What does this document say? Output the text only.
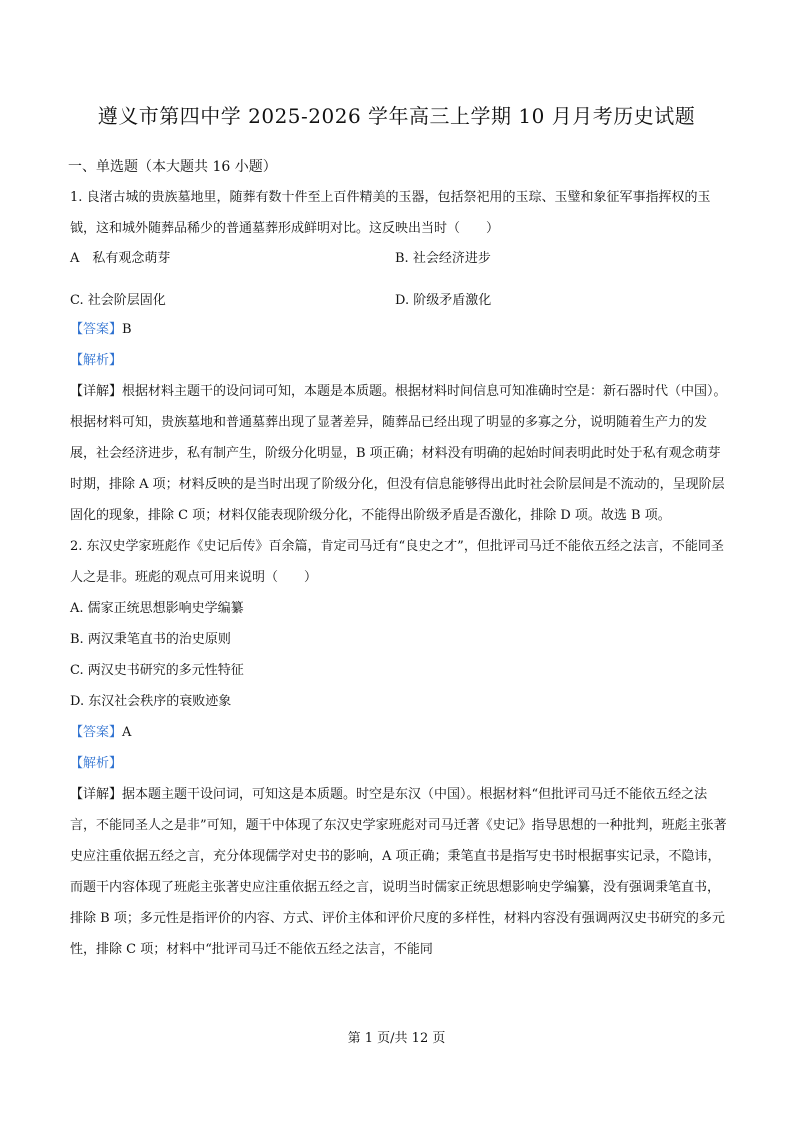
遵义市第四中学 2025-2026 学年高三上学期 10 月月考历史试题
一、单选题（本大题共 16 小题）

1. 良渚古城的贵族墓地里，随葬有数十件至上百件精美的玉器，包括祭祀用的玉琮、玉璧和象征军事指挥权的玉钺，这和城外随葬品稀少的普通墓葬形成鲜明对比。这反映出当时（　　）

A　私有观念萌芽	B. 社会经济进步
C. 社会阶层固化	D. 阶级矛盾激化
【答案】B
【解析】
【详解】根据材料主题干的设问词可知，本题是本质题。根据材料时间信息可知准确时空是：新石器时代（中国）。根据材料可知，贵族墓地和普通墓葬出现了显著差异，随葬品已经出现了明显的多寡之分，说明随着生产力的发展，社会经济进步，私有制产生，阶级分化明显，B 项正确；材料没有明确的起始时间表明此时处于私有观念萌芽时期，排除 A 项；材料反映的是当时出现了阶级分化，但没有信息能够得出此时社会阶层间是不流动的，呈现阶层固化的现象，排除 C 项；材料仅能表现阶级分化，不能得出阶级矛盾是否激化，排除 D 项。故选 B 项。

2. 东汉史学家班彪作《史记后传》百余篇，肯定司马迁有“良史之才”，但批评司马迁不能依五经之法言，不能同圣人之是非。班彪的观点可用来说明（　　）

A. 儒家正统思想影响史学编纂
B. 两汉秉笔直书的治史原则
C. 两汉史书研究的多元性特征
D. 东汉社会秩序的衰败迹象
【答案】A
【解析】
【详解】据本题主题干设问词，可知这是本质题。时空是东汉（中国）。根据材料“但批评司马迁不能依五经之法言，不能同圣人之是非”可知，题干中体现了东汉史学家班彪对司马迁著《史记》指导思想的一种批判，班彪主张著史应注重依据五经之言，充分体现儒学对史书的影响，A 项正确；秉笔直书是指写史书时根据事实记录，不隐讳，而题干内容体现了班彪主张著史应注重依据五经之言，说明当时儒家正统思想影响史学编纂，没有强调秉笔直书，排除 B 项；多元性是指评价的内容、方式、评价主体和评价尺度的多样性，材料内容没有强调两汉史书研究的多元性，排除 C 项；材料中“批评司马迁不能依五经之法言，不能同
第 1 页/共 12 页
